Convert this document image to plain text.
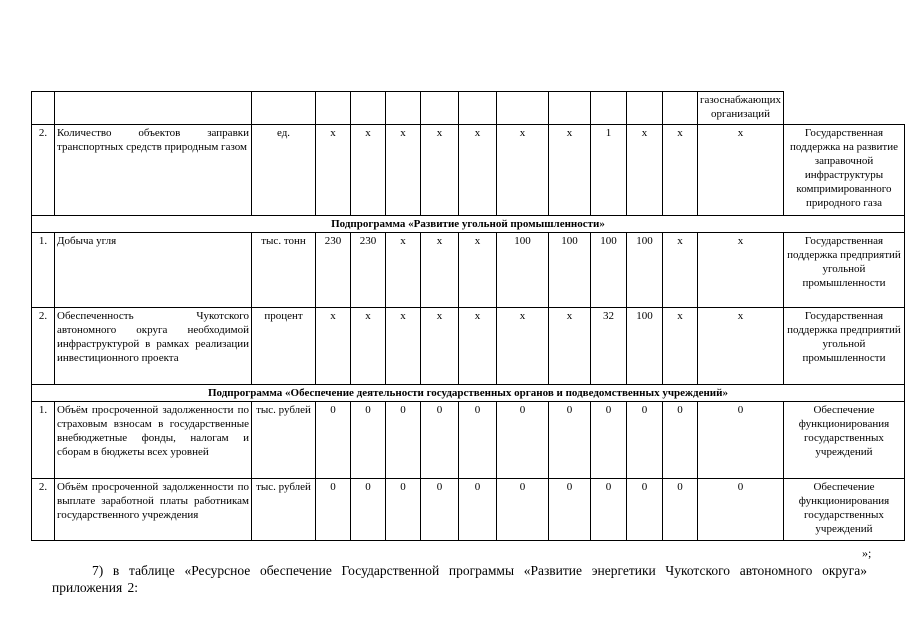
													газоснабжающих организаций	
2.	Количество объектов заправки транспортных средств природным газом	ед.	х	х	х	х	х	х	х	1	х	х	х	Государственная поддержка на развитие заправочной инфраструктуры компримированного природного газа
Подпрограмма «Развитие угольной промышленности»														
1.	Добыча угля	тыс. тонн	230	230	х	х	х	100	100	100	100	х	х	Государственная поддержка предприятий угольной промышленности
2.	Обеспеченность Чукотского автономного округа необходимой инфраструктурой в рамках реализации инвестиционного проекта	процент	х	х	х	х	х	х	х	32	100	х	х	Государственная поддержка предприятий угольной промышленности
Подпрограмма «Обеспечение деятельности государственных органов и подведомственных учреждений»														
1.	Объём просроченной задолженности по страховым взносам в государственные внебюджетные фонды, налогам и сборам в бюджеты всех уровней	тыс. рублей	0	0	0	0	0	0	0	0	0	0	0	Обеспечение функционирования государственных учреждений
2.	Объём просроченной задолженности по выплате заработной платы работникам государственного учреждения	тыс. рублей	0	0	0	0	0	0	0	0	0	0	0	Обеспечение функционирования государственных учреждений
»;
7) в таблице «Ресурсное обеспечение Государственной программы «Развитие энергетики Чукотского автономного округа» приложения 2:
